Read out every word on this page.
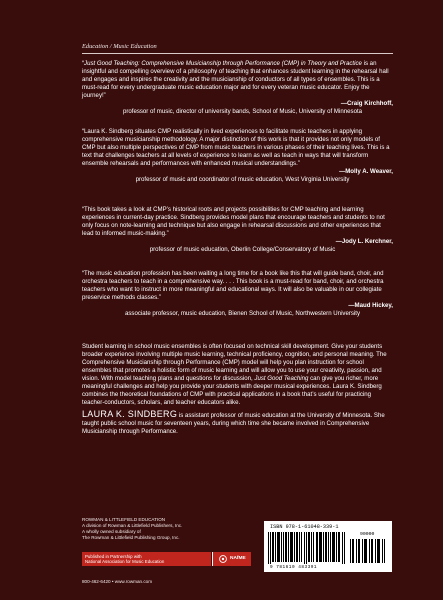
Education / Music Education

“Just Good Teaching: Comprehensive Musicianship through Performance (CMP) in Theory and Practice is an insightful and compelling overview of a philosophy of teaching that enhances student learning in the rehearsal hall and engages and inspires the creativity and the musicianship of conductors of all types of ensembles. This is a must-read for every undergraduate music education major and for every veteran music educator. Enjoy the journey!”

—Craig Kirchhoff,
professor of music, director of university bands, School of Music, University of Minnesota

“Laura K. Sindberg situates CMP realistically in lived experiences to facilitate music teachers in applying comprehensive musicianship methodology. A major distinction of this work is that it provides not only models of CMP but also multiple perspectives of CMP from music teachers in various phases of their teaching lives. This is a text that challenges teachers at all levels of experience to learn as well as teach in ways that will transform ensemble rehearsals and performances with enhanced musical understandings.”

—Molly A. Weaver,
professor of music and coordinator of music education, West Virginia University

“This book takes a look at CMP’s historical roots and projects possibilities for CMP teaching and learning experiences in current-day practice. Sindberg provides model plans that encourage teachers and students to not only focus on note-learning and technique but also engage in rehearsal discussions and other experiences that lead to informed music-making.”

—Jody L. Kerchner,
professor of music education, Oberlin College/Conservatory of Music

“The music education profession has been waiting a long time for a book like this that will guide band, choir, and orchestra teachers to teach in a comprehensive way. . . . This book is a must-read for band, choir, and orchestra teachers who want to instruct in more meaningful and educational ways. It will also be valuable in our collegiate preservice methods classes.”

—Maud Hickey,
associate professor, music education, Bienen School of Music, Northwestern University

Student learning in school music ensembles is often focused on technical skill development. Give your students broader experience involving multiple music learning, technical proficiency, cognition, and personal meaning. The Comprehensive Musicianship through Performance (CMP) model will help you plan instruction for school ensembles that promotes a holistic form of music learning and will allow you to use your creativity, passion, and vision. With model teaching plans and questions for discussion, Just Good Teaching can give you richer, more meaningful challenges and help you provide your students with deeper musical experiences. Laura K. Sindberg combines the theoretical foundations of CMP with practical applications in a book that’s useful for practicing teacher-conductors, scholars, and teacher educators alike.

LAURA K. SINDBERG is assistant professor of music education at the University of Minnesota. She taught public school music for seventeen years, during which time she became involved in Comprehensive Musicianship through Performance.

ROWMAN & LITTLEFIELD EDUCATION
A division of Rowman & Littlefield Publishers, Inc.
A wholly owned subsidiary of
The Rowman & Littlefield Publishing Group, Inc.
Published in Partnership with
National Association for Music Education
NAfME
800-462-6420 • www.rowman.com
ISBN 978-1-61048-339-1
90000
9 781610 483391
